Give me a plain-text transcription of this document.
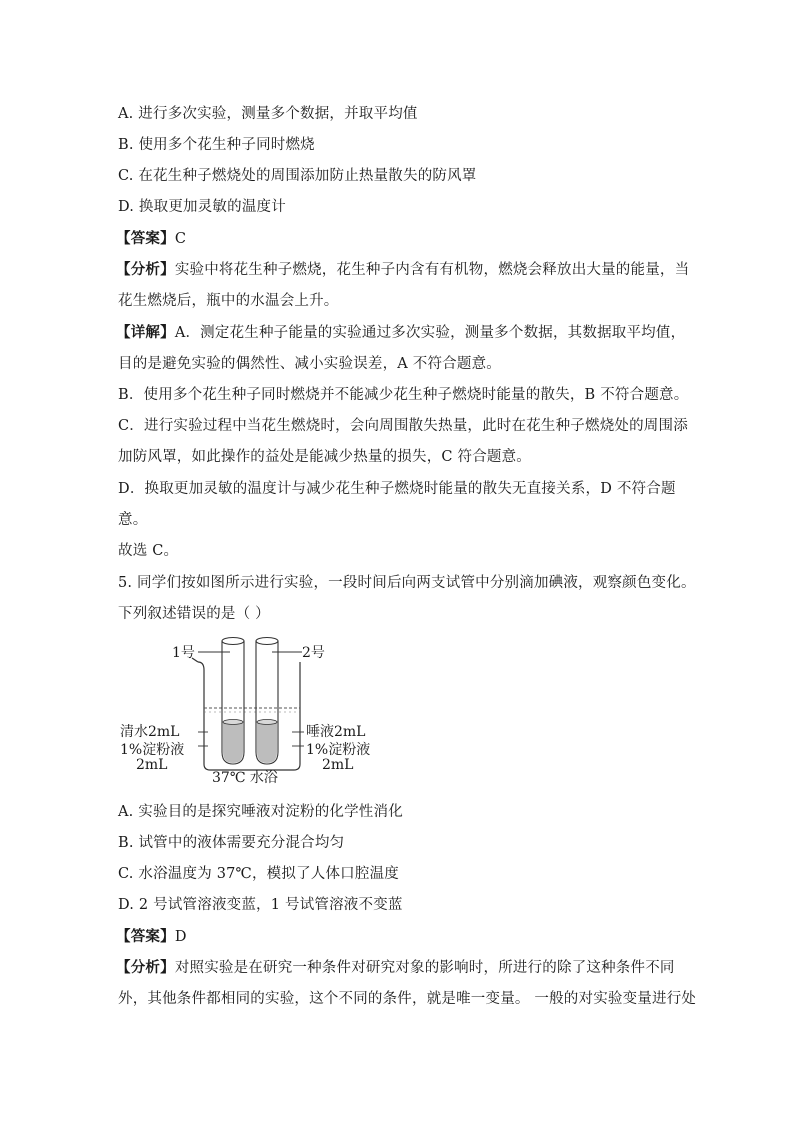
A. 进行多次实验，测量多个数据，并取平均值
B. 使用多个花生种子同时燃烧
C. 在花生种子燃烧处的周围添加防止热量散失的防风罩
D. 换取更加灵敏的温度计
【答案】C
【分析】实验中将花生种子燃烧，花生种子内含有有机物，燃烧会释放出大量的能量，当
花生燃烧后，瓶中的水温会上升。
【详解】A．测定花生种子能量的实验通过多次实验，测量多个数据，其数据取平均值，
目的是避免实验的偶然性、减小实验误差，A 不符合题意。
B．使用多个花生种子同时燃烧并不能减少花生种子燃烧时能量的散失，B 不符合题意。
C．进行实验过程中当花生燃烧时，会向周围散失热量，此时在花生种子燃烧处的周围添
加防风罩，如此操作的益处是能减少热量的损失，C 符合题意。
D．换取更加灵敏的温度计与减少花生种子燃烧时能量的散失无直接关系，D 不符合题
意。
故选 C。
5. 同学们按如图所示进行实验，一段时间后向两支试管中分别滴加碘液，观察颜色变化。
下列叙述错误的是（ ）
1号	2号
清水2mL
1%淀粉液
2mL
唾液2mL
1%淀粉液
2mL
37℃ 水浴
A. 实验目的是探究唾液对淀粉的化学性消化
B. 试管中的液体需要充分混合均匀
C. 水浴温度为 37℃，模拟了人体口腔温度
D. 2 号试管溶液变蓝，1 号试管溶液不变蓝
【答案】D
【分析】对照实验是在研究一种条件对研究对象的影响时，所进行的除了这种条件不同
外，其他条件都相同的实验，这个不同的条件，就是唯一变量。 一般的对实验变量进行处
